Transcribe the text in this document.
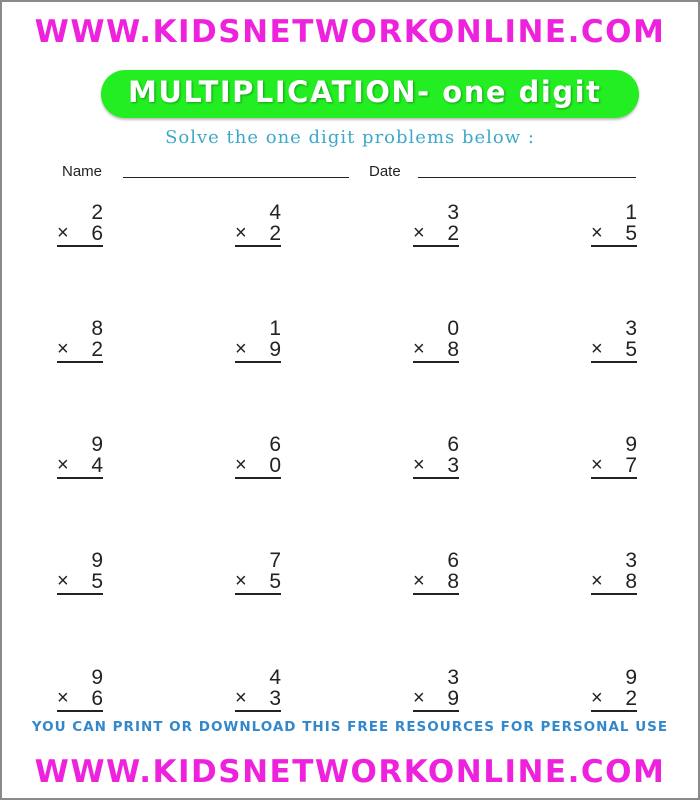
WWW.KIDSNETWORKONLINE.COM
MULTIPLICATION- one digit
Solve the one digit problems below :
Name	Date
2
× 6
4
× 2
3
× 2
1
× 5
8
× 2
1
× 9
0
× 8
3
× 5
9
× 4
6
× 0
6
× 3
9
× 7
9
× 5
7
× 5
6
× 8
3
× 8
9
× 6
4
× 3
3
× 9
9
× 2
YOU CAN PRINT OR DOWNLOAD THIS FREE RESOURCES FOR PERSONAL USE
WWW.KIDSNETWORKONLINE.COM
